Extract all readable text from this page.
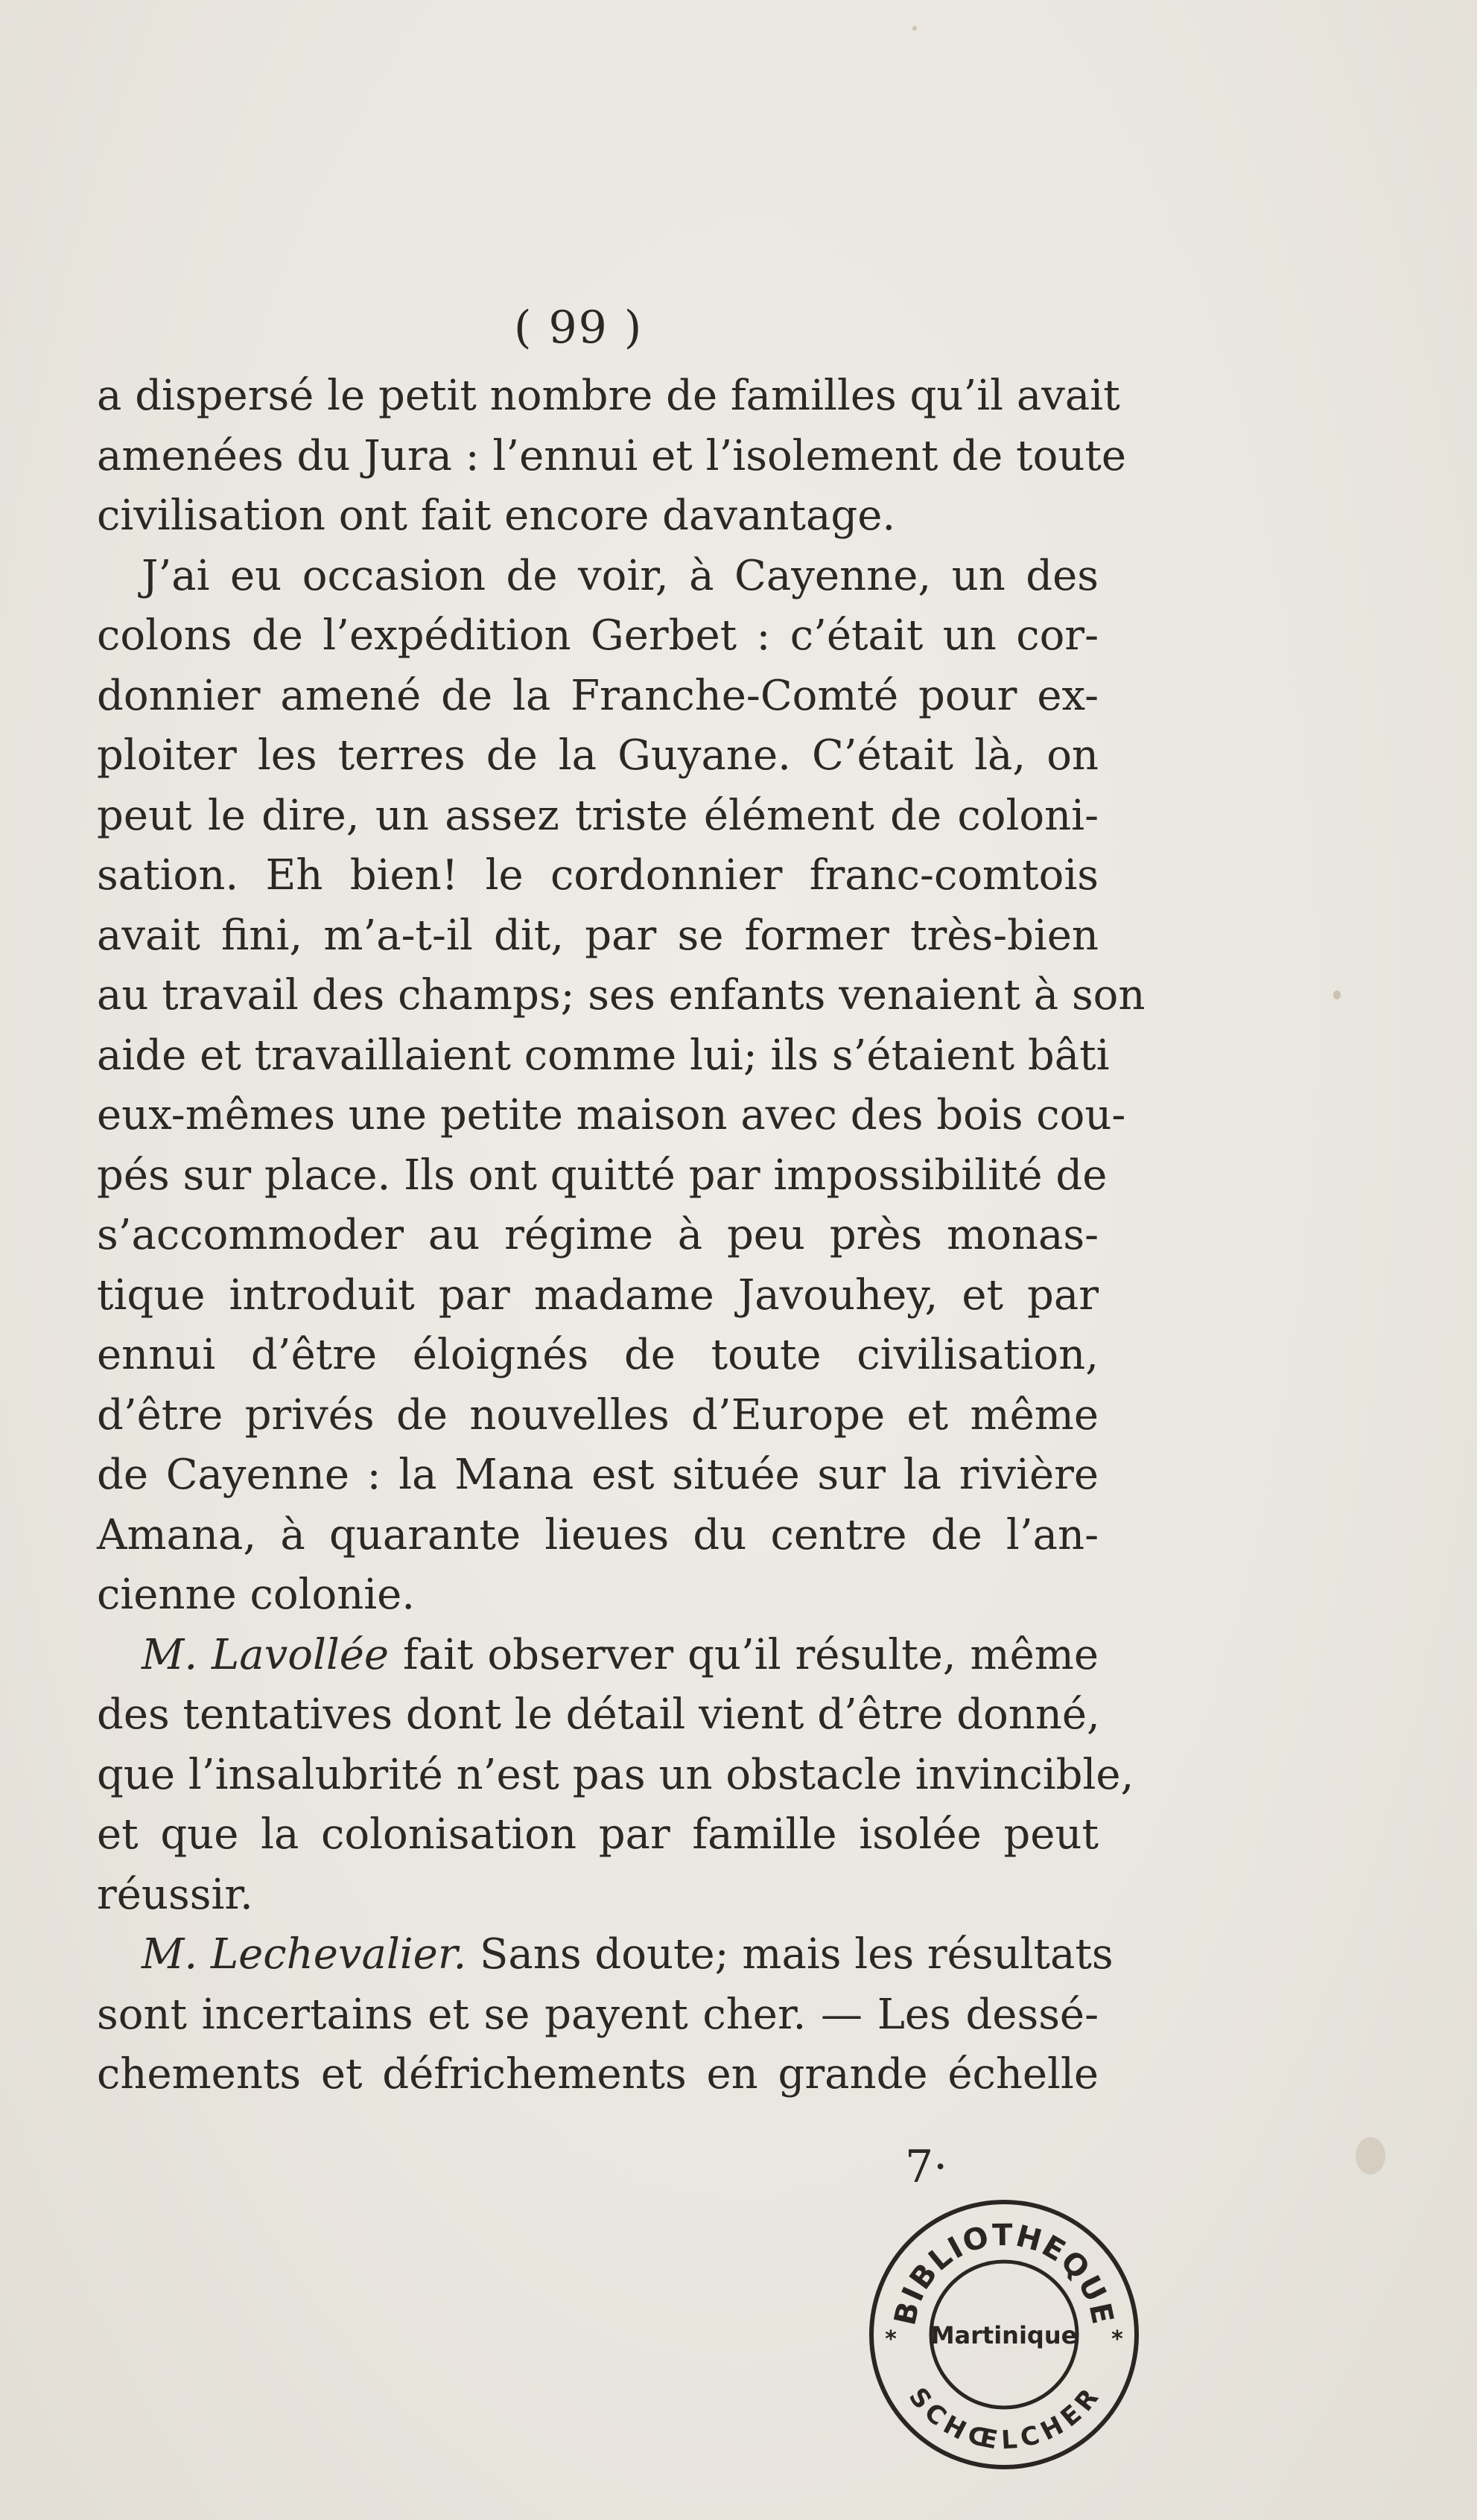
( 99 )
a dispersé le petit nombre de familles qu’il avait
amenées du Jura : l’ennui et l’isolement de toute
civilisation ont fait encore davantage.
J’ai eu occasion de voir, à Cayenne, un des
colons de l’expédition Gerbet : c’était un cor-
donnier amené de la Franche-Comté pour ex-
ploiter les terres de la Guyane. C’était là, on
peut le dire, un assez triste élément de coloni-
sation. Eh bien! le cordonnier franc-comtois
avait fini, m’a-t-il dit, par se former très-bien
au travail des champs; ses enfants venaient à son
aide et travaillaient comme lui; ils s’étaient bâti
eux-mêmes une petite maison avec des bois cou-
pés sur place. Ils ont quitté par impossibilité de
s’accommoder au régime à peu près monas-
tique introduit par madame Javouhey, et par
ennui d’être éloignés de toute civilisation,
d’être privés de nouvelles d’Europe et même
de Cayenne : la Mana est située sur la rivière
Amana, à quarante lieues du centre de l’an-
cienne colonie.
M. Lavollée fait observer qu’il résulte, même
des tentatives dont le détail vient d’être donné,
que l’insalubrité n’est pas un obstacle invincible,
et que la colonisation par famille isolée peut
réussir.
M. Lechevalier. Sans doute; mais les résultats
sont incertains et se payent cher. — Les dessé-
chements et défrichements en grande échelle
7·
BIBLIOTHEQUE
SCHŒLCHER
Martinique
*	*
